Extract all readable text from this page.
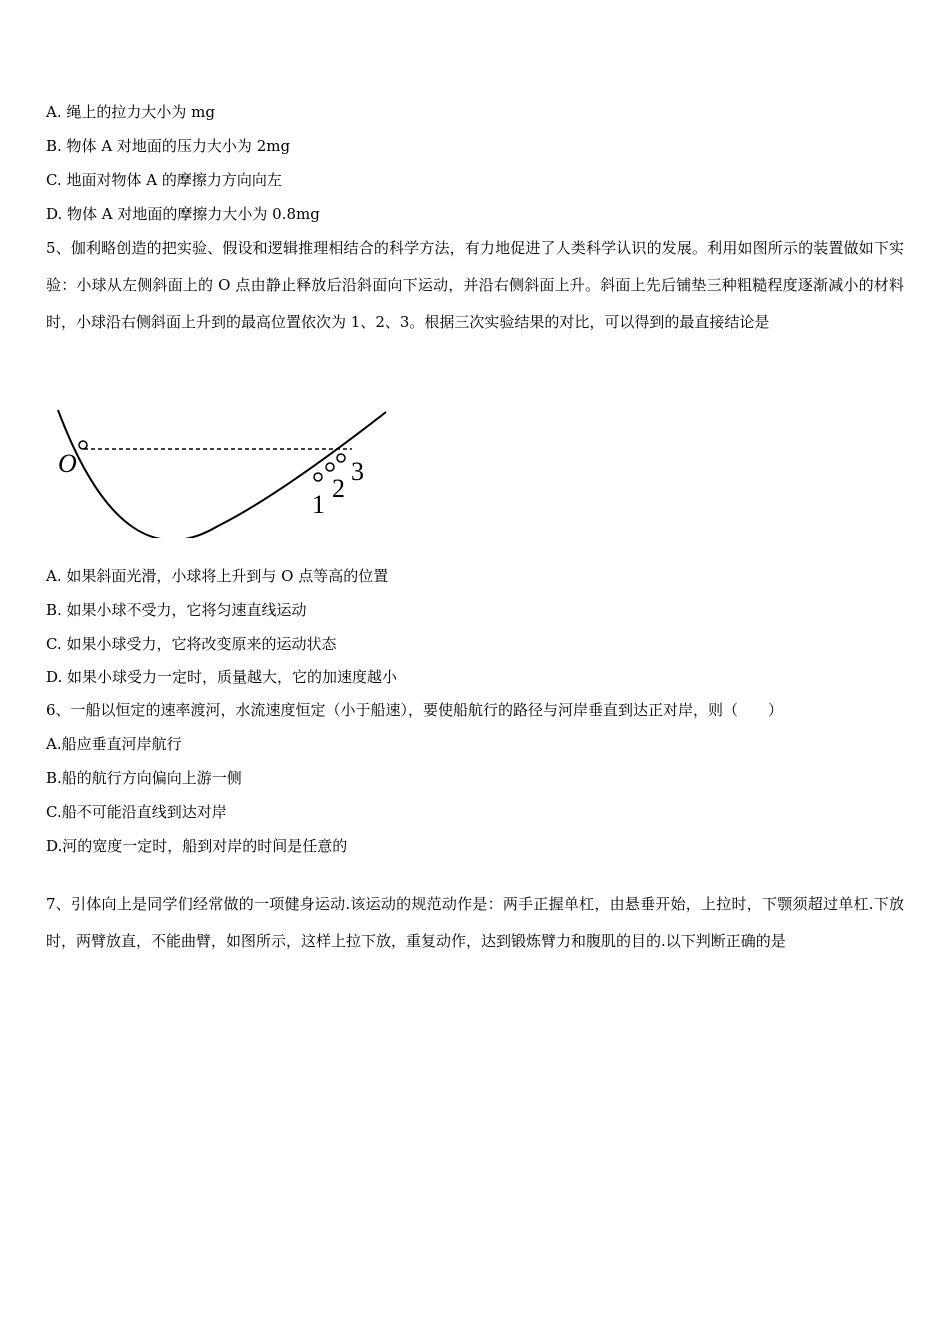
A. 绳上的拉力大小为 mg
B. 物体 A 对地面的压力大小为 2mg
C. 地面对物体 A 的摩擦力方向向左
D. 物体 A 对地面的摩擦力大小为 0.8mg
5、伽利略创造的把实验、假设和逻辑推理相结合的科学方法，有力地促进了人类科学认识的发展。利用如图所示的装置做如下实验：小球从左侧斜面上的 O 点由静止释放后沿斜面向下运动，并沿右侧斜面上升。斜面上先后铺垫三种粗糙程度逐渐减小的材料时，小球沿右侧斜面上升到的最高位置依次为 1、2、3。根据三次实验结果的对比，可以得到的最直接结论是
O
1
2
3
A. 如果斜面光滑，小球将上升到与 O 点等高的位置
B. 如果小球不受力，它将匀速直线运动
C. 如果小球受力，它将改变原来的运动状态
D. 如果小球受力一定时，质量越大，它的加速度越小
6、一船以恒定的速率渡河，水流速度恒定（小于船速），要使船航行的路径与河岸垂直到达正对岸，则（　　）
A.船应垂直河岸航行
B.船的航行方向偏向上游一侧
C.船不可能沿直线到达对岸
D.河的宽度一定时，船到对岸的时间是任意的
7、引体向上是同学们经常做的一项健身运动.该运动的规范动作是：两手正握单杠，由悬垂开始，上拉时，下颚须超过单杠.下放时，两臂放直，不能曲臂，如图所示，这样上拉下放，重复动作，达到锻炼臂力和腹肌的目的.以下判断正确的是
